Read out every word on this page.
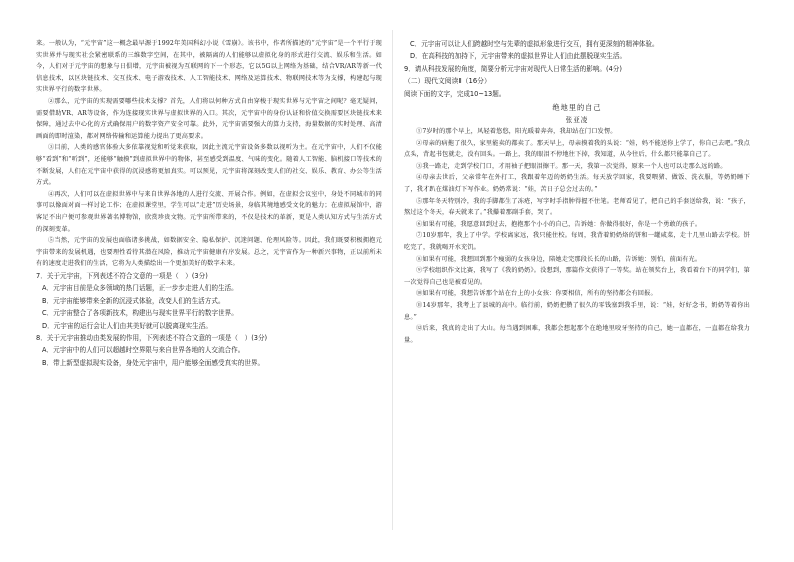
来。一般认为，“元宇宙”这一概念最早源于1992年美国科幻小说《雪崩》。该书中，作者所描述的“元宇宙”是一个平行于现实世界并与现实社会紧密联系的三维数字空间，在其中，被隔离的人们能够以虚拟化身的形式进行交流、娱乐和生活。如今，人们对于元宇宙的想象与日俱增，元宇宙被视为互联网的下一个形态，它以5G以上网络为基础，结合VR/AR等新一代信息技术，以区块链技术、交互技术、电子游戏技术、人工智能技术、网络及运算技术、物联网技术等为支撑，构建起与现实世界平行的数字世界。

②那么，元宇宙的实现需要哪些技术支撑？首先，人们将以何种方式自由穿梭于现实世界与元宇宙之间呢？毫无疑问，需要借助VR、AR等设备，作为连接现实世界与虚拟世界的入口。其次，元宇宙中的身份认证和价值交换需要区块链技术来保障，通过去中心化的方式确保用户的数字资产安全可靠。此外，元宇宙需要强大的算力支持，海量数据的实时处理、高清画面的即时渲染，都对网络传输和运算能力提出了更高要求。

③目前，人类的感官体验大多依靠视觉和听觉来获取，因此主流元宇宙设备多数以视听为主。在元宇宙中，人们不仅能够“看到”和“听到”，还能够“触摸”到虚拟世界中的物体，甚至感受到温度、气味的变化。随着人工智能、脑机接口等技术的不断发展，人们在元宇宙中获得的沉浸感将更加真实。可以预见，元宇宙将深刻改变人们的社交、娱乐、教育、办公等生活方式。

④再次，人们可以在虚拟世界中与来自世界各地的人进行交流、开展合作。例如，在虚拟会议室中，身处不同城市的同事可以像面对面一样讨论工作；在虚拟课堂里，学生可以“走进”历史场景，身临其境地感受文化的魅力；在虚拟展馆中，游客足不出户便可参观世界著名博物馆，欣赏珍贵文物。元宇宙所带来的，不仅是技术的革新，更是人类认知方式与生活方式的深刻变革。

⑤当然，元宇宙的发展也面临诸多挑战，如数据安全、隐私保护、沉迷问题、伦理风险等。因此，我们既要积极拥抱元宇宙带来的发展机遇，也要理性看待其潜在风险，推动元宇宙健康有序发展。总之，元宇宙作为一种新兴事物，正以前所未有的速度走进我们的生活，它将为人类描绘出一个更加美好的数字未来。

7．关于元宇宙，下列表述不符合文意的一项是（　）(3分)

A．元宇宙目前是众多领域的热门话题，正一步步走进人们的生活。

B．元宇宙能够带来全新的沉浸式体验，改变人们的生活方式。

C．元宇宙整合了各项新技术，构建出与现实世界平行的数字世界。

D．元宇宙的运行会让人们由其美好就可以脱离现实生活。

8．关于元宇宙推动由类发展的作用，下列表述不符合文意的一项是（　）(3分)

A．元宇宙中的人们可以超越时空界限与来自世界各地的人交流合作。

B．带上新型虚拟现实设备，身处元宇宙中，用户能够全面感受真实的世界。

C．元宇宙可以让人们跨越时空与先辈的虚拟形象进行交互，拥有更深刻的精神体验。

D．在高科技的加持下，元宇宙带来的虚拟世界让人们由此摆脱现实生活。

9．请从科技发展的角度，简要分析元宇宙对现代人日常生活的影响。(4分)

（二）现代文阅读Ⅱ（16分）

阅读下面的文字，完成10~13题。

绝地里的自己
张亚凌

①7岁时的那个早上，风轻着悠悠，阳光暖着奔奔，我却站在门口发愣。

②母亲的病拖了很久，家里能卖的都卖了。那天早上，母亲摸着我的头说：“娃，妈不能送你上学了，你自己去吧。”我点点头，背起书包就走，没有回头。一路上，我的眼泪不停地往下掉，我知道，从今往后，什么都只能靠自己了。

③我一路走，走到学校门口，才用袖子把眼泪擦干。那一天，我第一次觉得，原来一个人也可以走那么远的路。

④母亲去世后，父亲常年在外打工，我跟着年迈的奶奶生活。每天放学回家，我要喂猪、做饭、洗衣服，等奶奶睡下了，我才趴在煤油灯下写作业。奶奶常说：“娃，苦日子总会过去的。”

⑤那年冬天特别冷，我的手脚都生了冻疮，写字时手指肿得握不住笔。老师看见了，把自己的手套送给我，说：“孩子，熬过这个冬天，春天就来了。”我攥着那副手套，哭了。

⑥如果有可能，我愿意回到过去，抱抱那个小小的自己，告诉她：你做得很好，你是一个勇敢的孩子。

⑦10岁那年，我上了中学。学校离家远，我只能住校。每周，我背着奶奶烙的饼和一罐咸菜，走十几里山路去学校。饼吃完了，我就喝开水充饥。

⑧如果有可能，我想回到那个瘦弱的女孩身边，陪她走完那段长长的山路，告诉她：别怕，前面有光。

⑨学校组织作文比赛，我写了《我的奶奶》。没想到，那篇作文获得了一等奖。站在领奖台上，我看着台下的同学们，第一次觉得自己也是被看见的。

⑩如果有可能，我想告诉那个站在台上的小女孩：你要相信，所有的坚持都会有回报。

⑪14岁那年，我考上了县城的高中。临行前，奶奶把攒了很久的零钱塞到我手里，说：“娃，好好念书，奶奶等着你出息。”

⑫后来，我真的走出了大山。每当遇到困难，我都会想起那个在绝地里咬牙坚持的自己，她一直都在，一直都在给我力量。
